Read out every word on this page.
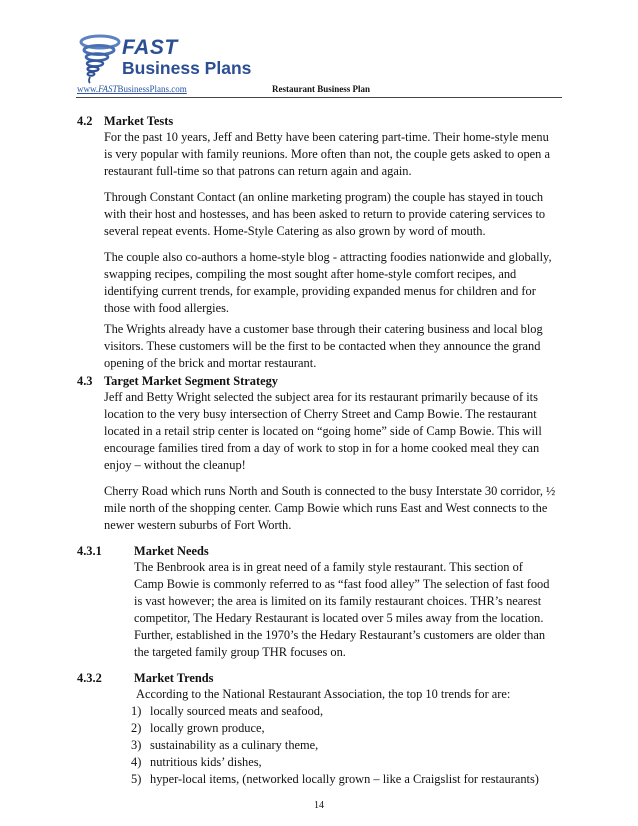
FAST
Business Plans
www.FASTBusinessPlans.com	Restaurant Business Plan
4.2 Market Tests
For the past 10 years, Jeff and Betty have been catering part-time. Their home-style menu
is very popular with family reunions. More often than not, the couple gets asked to open a
restaurant full-time so that patrons can return again and again.
Through Constant Contact (an online marketing program) the couple has stayed in touch
with their host and hostesses, and has been asked to return to provide catering services to
several repeat events. Home-Style Catering as also grown by word of mouth.
The couple also co-authors a home-style blog - attracting foodies nationwide and globally,
swapping recipes, compiling the most sought after home-style comfort recipes, and
identifying current trends, for example, providing expanded menus for children and for
those with food allergies.
The Wrights already have a customer base through their catering business and local blog
visitors. These customers will be the first to be contacted when they announce the grand
opening of the brick and mortar restaurant.
4.3 Target Market Segment Strategy
Jeff and Betty Wright selected the subject area for its restaurant primarily because of its
location to the very busy intersection of Cherry Street and Camp Bowie. The restaurant
located in a retail strip center is located on “going home” side of Camp Bowie. This will
encourage families tired from a day of work to stop in for a home cooked meal they can
enjoy – without the cleanup!
Cherry Road which runs North and South is connected to the busy Interstate 30 corridor, ½
mile north of the shopping center. Camp Bowie which runs East and West connects to the
newer western suburbs of Fort Worth.
4.3.1	Market Needs
The Benbrook area is in great need of a family style restaurant. This section of
Camp Bowie is commonly referred to as “fast food alley” The selection of fast food
is vast however; the area is limited on its family restaurant choices. THR’s nearest
competitor, The Hedary Restaurant is located over 5 miles away from the location.
Further, established in the 1970’s the Hedary Restaurant’s customers are older than
the targeted family group THR focuses on.
4.3.2	Market Trends
According to the National Restaurant Association, the top 10 trends for are:
1) locally sourced meats and seafood,
2) locally grown produce,
3) sustainability as a culinary theme,
4) nutritious kids’ dishes,
5) hyper-local items, (networked locally grown – like a Craigslist for restaurants)
14
